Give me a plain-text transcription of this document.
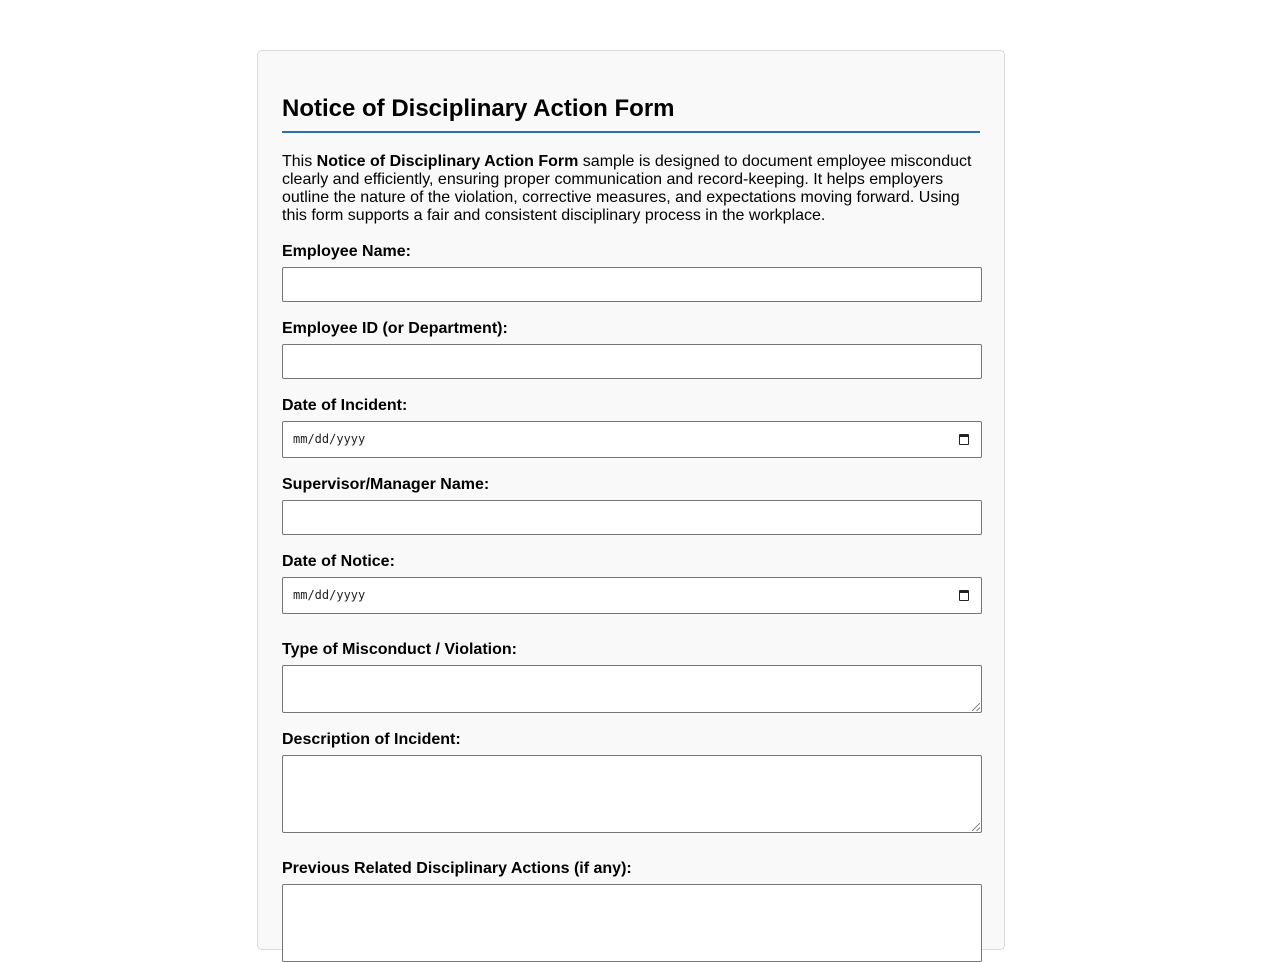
Notice of Disciplinary Action Form

This Notice of Disciplinary Action Form sample is designed to document employee misconduct clearly and efficiently, ensuring proper communication and record-keeping. It helps employers outline the nature of the violation, corrective measures, and expectations moving forward. Using this form supports a fair and consistent disciplinary process in the workplace.

Employee Name:
Employee ID (or Department):
Date of Incident:
mm/dd/yyyy
Supervisor/Manager Name:
Date of Notice:
mm/dd/yyyy
Type of Misconduct / Violation:
Description of Incident:
Previous Related Disciplinary Actions (if any):
